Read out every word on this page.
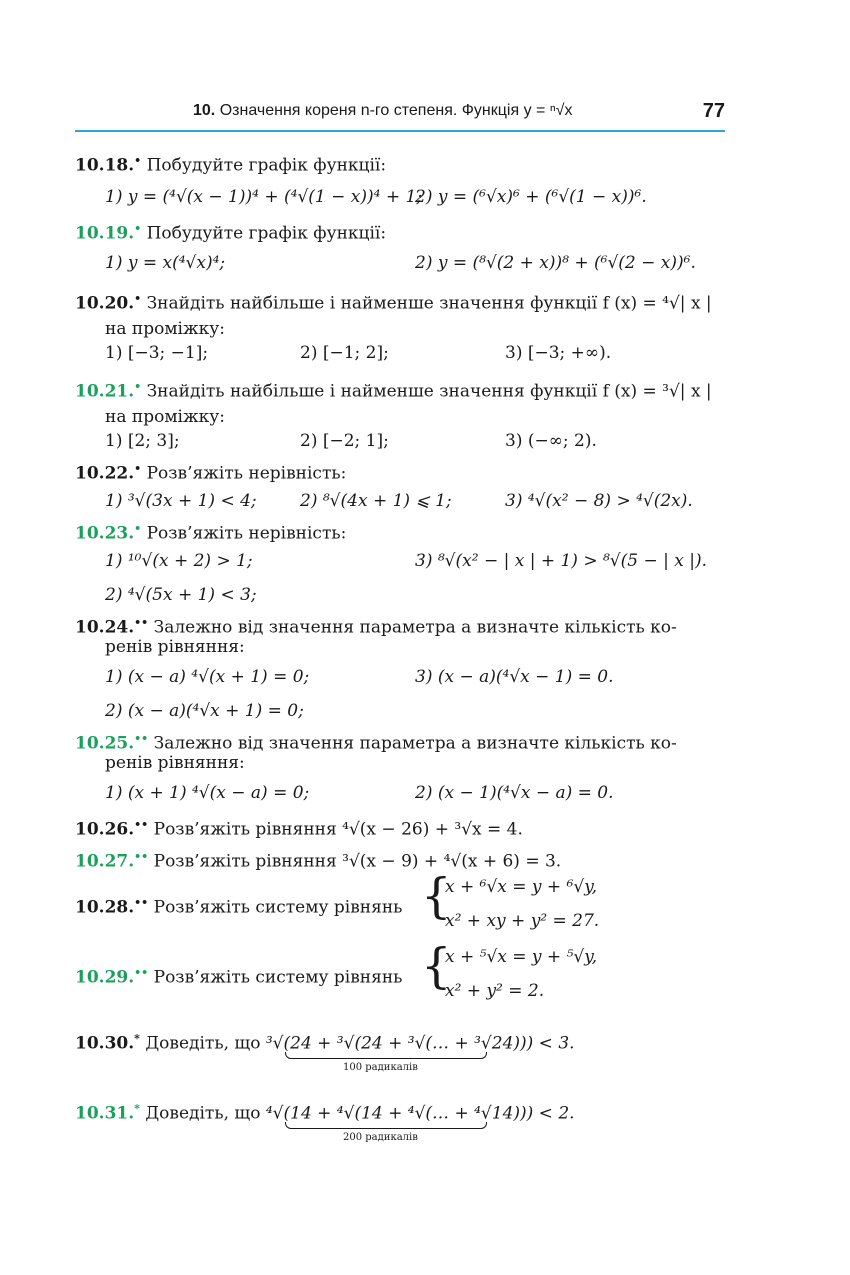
10. Означення кореня n-го степеня. Функція y = ⁿ√x	77
10.18.• Побудуйте графік функції:
1) y = (⁴√(x − 1))⁴ + (⁴√(1 − x))⁴ + 1;
2) y = (⁶√x)⁶ + (⁶√(1 − x))⁶.
10.19.• Побудуйте графік функції:
1) y = x(⁴√x)⁴;	2) y = (⁸√(2 + x))⁸ + (⁶√(2 − x))⁶.
10.20.• Знайдіть найбільше і найменше значення функції f (x) = ⁴√| x |
на проміжку:
1) [−3; −1];	2) [−1; 2];	3) [−3; +∞).
10.21.• Знайдіть найбільше і найменше значення функції f (x) = ³√| x |
на проміжку:
1) [2; 3];	2) [−2; 1];	3) (−∞; 2).
10.22.• Розв’яжіть нерівність:
1) ³√(3x + 1) < 4;	2) ⁸√(4x + 1) ⩽ 1;	3) ⁴√(x² − 8) > ⁴√(2x).
10.23.• Розв’яжіть нерівність:
1) ¹⁰√(x + 2) > 1;	3) ⁸√(x² − | x | + 1) > ⁸√(5 − | x |).
2) ⁴√(5x + 1) < 3;
10.24.•• Залежно від значення параметра a визначте кількість ко-
ренів рівняння:
1) (x − a) ⁴√(x + 1) = 0;	3) (x − a)(⁴√x − 1) = 0.
2) (x − a)(⁴√x + 1) = 0;
10.25.•• Залежно від значення параметра a визначте кількість ко-
ренів рівняння:
1) (x + 1) ⁴√(x − a) = 0;	2) (x − 1)(⁴√x − a) = 0.
10.26.•• Розв’яжіть рівняння ⁴√(x − 26) + ³√x = 4.
10.27.•• Розв’яжіть рівняння ³√(x − 9) + ⁴√(x + 6) = 3.
10.28.•• Розв’яжіть систему рівнянь {
x + ⁶√x = y + ⁶√y,
x² + xy + y² = 27.
10.29.•• Розв’яжіть систему рівнянь {
x + ⁵√x = y + ⁵√y,
x² + y² = 2.
10.30.* Доведіть, що ³√(24 + ³√(24 + ³√(… + ³√24))) < 3.
100 радикалів
10.31.* Доведіть, що ⁴√(14 + ⁴√(14 + ⁴√(… + ⁴√14))) < 2.
200 радикалів
